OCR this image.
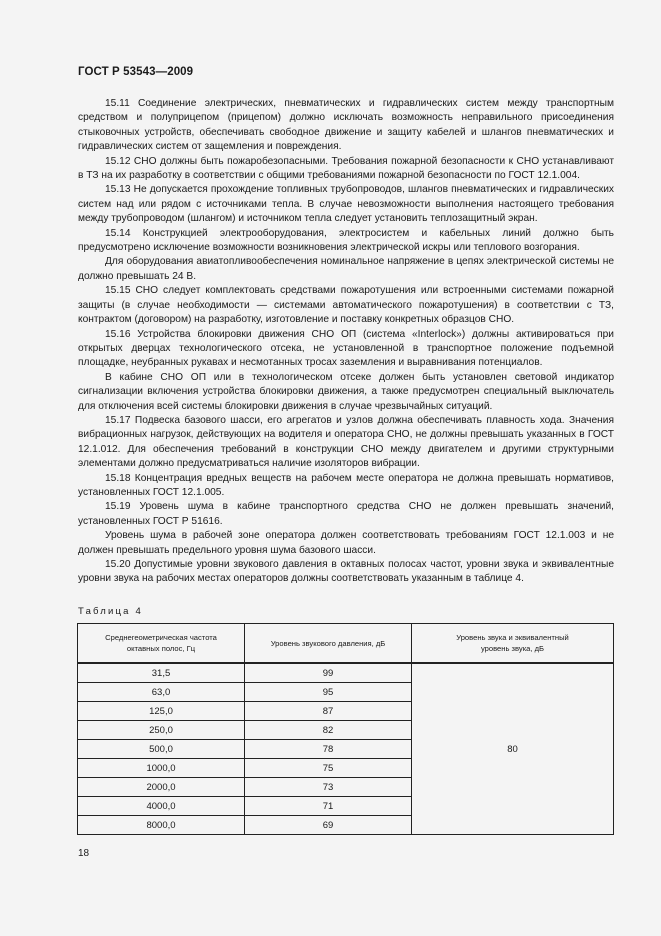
ГОСТ Р 53543—2009

15.11 Соединение электрических, пневматических и гидравлических систем между транспортным средством и полуприцепом (прицепом) должно исключать возможность неправильного присоединения стыковочных устройств, обеспечивать свободное движение и защиту кабелей и шлангов пневматических и гидравлических систем от защемления и повреждения.

15.12 СНО должны быть пожаробезопасными. Требования пожарной безопасности к СНО устанавливают в ТЗ на их разработку в соответствии с общими требованиями пожарной безопасности по ГОСТ 12.1.004.

15.13 Не допускается прохождение топливных трубопроводов, шлангов пневматических и гидравлических систем над или рядом с источниками тепла. В случае невозможности выполнения настоящего требования между трубопроводом (шлангом) и источником тепла следует установить теплозащитный экран.

15.14 Конструкцией электрооборудования, электросистем и кабельных линий должно быть предусмотрено исключение возможности возникновения электрической искры или теплового возгорания.

Для оборудования авиатопливообеспечения номинальное напряжение в цепях электрической системы не должно превышать 24 В.

15.15 СНО следует комплектовать средствами пожаротушения или встроенными системами пожарной защиты (в случае необходимости — системами автоматического пожаротушения) в соответствии с ТЗ, контрактом (договором) на разработку, изготовление и поставку конкретных образцов СНО.

15.16 Устройства блокировки движения СНО ОП (система «Interlock») должны активироваться при открытых дверцах технологического отсека, не установленной в транспортное положение подъемной площадке, неубранных рукавах и несмотанных тросах заземления и выравнивания потенциалов.

В кабине СНО ОП или в технологическом отсеке должен быть установлен световой индикатор сигнализации включения устройства блокировки движения, а также предусмотрен специальный выключатель для отключения всей системы блокировки движения в случае чрезвычайных ситуаций.

15.17 Подвеска базового шасси, его агрегатов и узлов должна обеспечивать плавность хода. Значения вибрационных нагрузок, действующих на водителя и оператора СНО, не должны превышать указанных в ГОСТ 12.1.012. Для обеспечения требований в конструкции СНО между двигателем и другими структурными элементами должно предусматриваться наличие изоляторов вибрации.

15.18 Концентрация вредных веществ на рабочем месте оператора не должна превышать нормативов, установленных ГОСТ 12.1.005.

15.19 Уровень шума в кабине транспортного средства СНО не должен превышать значений, установленных ГОСТ Р 51616.

Уровень шума в рабочей зоне оператора должен соответствовать требованиям ГОСТ 12.1.003 и не должен превышать предельного уровня шума базового шасси.

15.20 Допустимые уровни звукового давления в октавных полосах частот, уровни звука и эквивалентные уровни звука на рабочих местах операторов должны соответствовать указанным в таблице 4.

Таблица 4
Среднегеометрическая частота октавных полос, Гц	Уровень звукового давления, дБ	Уровень звука и эквивалентный уровень звука, дБ
31,5	99	80
63,0	95	
125,0	87	
250,0	82	
500,0	78	
1000,0	75	
2000,0	73	
4000,0	71	
8000,0	69	
18
